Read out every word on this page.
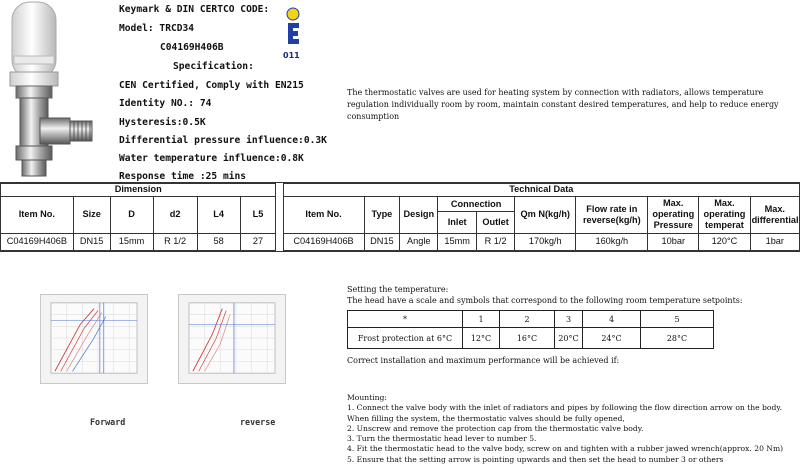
Keymark & DIN CERTCO CODE:
Model: TRCD34
C04169H406B
Specification:
CEN Certified, Comply with EN215
Identity NO.: 74
Hysteresis:0.5K
Differential pressure influence:0.3K
Water temperature influence:0.8K
Response time :25 mins
011
The thermostatic valves are used for heating system by connection with radiators, allows temperature regulation individually room by room, maintain constant desired temperatures, and help to reduce energy consumption
Dimension							Technical Data									
Item No.	Size	D	d2	L4	L5		Item No.	Type	Design	Connection		Qm N(kg/h)	Flow rate in reverse(kg/h)	Max. operating Pressure	Max. operating temperat	Max. differential
										Inlet	Outlet					
C04169H406B	DN15	15mm	R 1/2	58	27		C04169H406B	DN15	Angle	15mm	R 1/2	170kg/h	160kg/h	10bar	120°C	1bar
Forward	reverse
Setting the temperature:
The head have a scale and symbols that correspond to the following room temperature setpoints:
*	1	2	3	4	5
Frost protection at 6°C	12°C	16°C	20°C	24°C	28°C
Correct installation and maximum performance will be achieved if:
Mounting:
1. Connect the valve body with the inlet of radiators and pipes by following the flow direction arrow on the body. When filling the system, the thermostatic valves should be fully opened,
2. Unscrew and remove the protection cap from the thermostatic valve body.
3. Turn the thermostatic head lever to number 5.
4. Fit the thermostatic head to the valve body, screw on and tighten with a rubber jawed wrench(approx. 20 Nm)
5. Ensure that the setting arrow is pointing upwards and then set the head to number 3 or others
